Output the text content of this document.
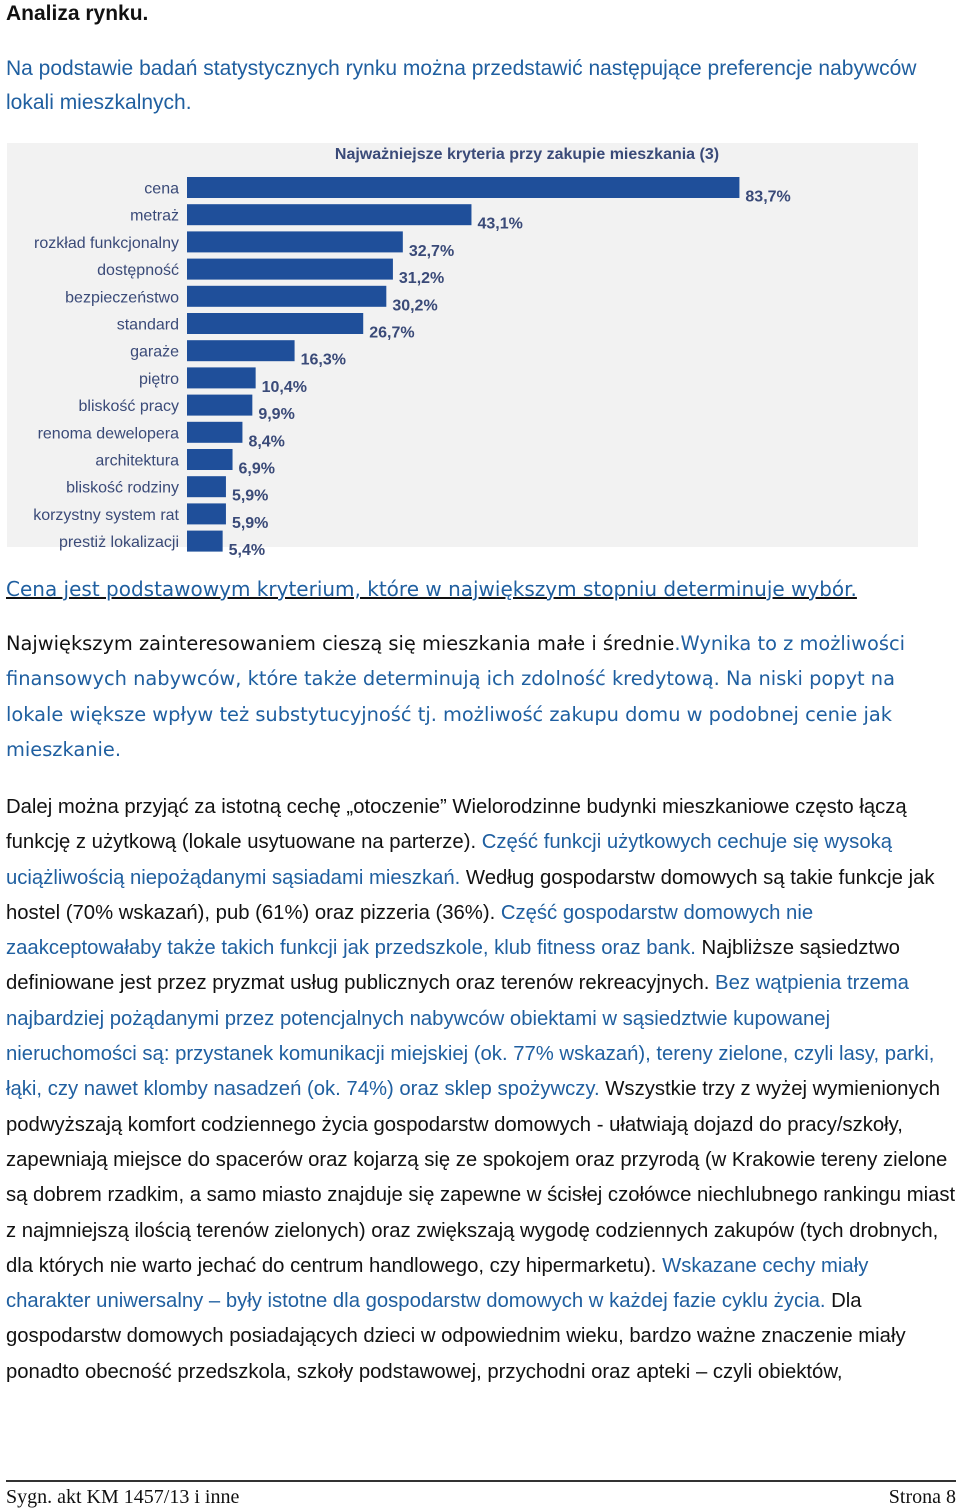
Analiza rynku.

Na podstawie badań statystycznych rynku można przedstawić następujące preferencje nabywców lokali mieszkalnych.

Najważniejsze kryteria przy zakupie mieszkania (3)
cena	83,7%
metraż	43,1%
rozkład funkcjonalny	32,7%
dostępność	31,2%
bezpieczeństwo	30,2%
standard	26,7%
garaże	16,3%
piętro	10,4%
bliskość pracy	9,9%
renoma dewelopera	8,4%
architektura	6,9%
bliskość rodziny	5,9%
korzystny system rat	5,9%
prestiż lokalizacji	5,4%

Cena jest podstawowym kryterium, które w największym stopniu determinuje wybór.

Największym zainteresowaniem cieszą się mieszkania małe i średnie.Wynika to z możliwości finansowych nabywców, które także determinują ich zdolność kredytową. Na niski popyt na lokale większe wpływ też substytucyjność tj. możliwość zakupu domu w podobnej cenie jak mieszkanie.

Dalej można przyjąć za istotną cechę „otoczenie” Wielorodzinne budynki mieszkaniowe często łączą funkcję z użytkową (lokale usytuowane na parterze). Część funkcji użytkowych cechuje się wysoką uciążliwością niepożądanymi sąsiadami mieszkań. Według gospodarstw domowych są takie funkcje jak hostel (70% wskazań), pub (61%) oraz pizzeria (36%). Część gospodarstw domowych nie zaakceptowałaby także takich funkcji jak przedszkole, klub fitness oraz bank. Najbliższe sąsiedztwo definiowane jest przez pryzmat usług publicznych oraz terenów rekreacyjnych. Bez wątpienia trzema najbardziej pożądanymi przez potencjalnych nabywców obiektami w sąsiedztwie kupowanej nieruchomości są: przystanek komunikacji miejskiej (ok. 77% wskazań), tereny zielone, czyli lasy, parki, łąki, czy nawet klomby nasadzeń (ok. 74%) oraz sklep spożywczy. Wszystkie trzy z wyżej wymienionych podwyższają komfort codziennego życia gospodarstw domowych - ułatwiają dojazd do pracy/szkoły, zapewniają miejsce do spacerów oraz kojarzą się ze spokojem oraz przyrodą (w Krakowie tereny zielone są dobrem rzadkim, a samo miasto znajduje się zapewne w ścisłej czołówce niechlubnego rankingu miast z najmniejszą ilością terenów zielonych) oraz zwiększają wygodę codziennych zakupów (tych drobnych, dla których nie warto jechać do centrum handlowego, czy hipermarketu). Wskazane cechy miały charakter uniwersalny – były istotne dla gospodarstw domowych w każdej fazie cyklu życia. Dla gospodarstw domowych posiadających dzieci w odpowiednim wieku, bardzo ważne znaczenie miały ponadto obecność przedszkola, szkoły podstawowej, przychodni oraz apteki – czyli obiektów,

Sygn. akt KM 1457/13 i inne	Strona 8
